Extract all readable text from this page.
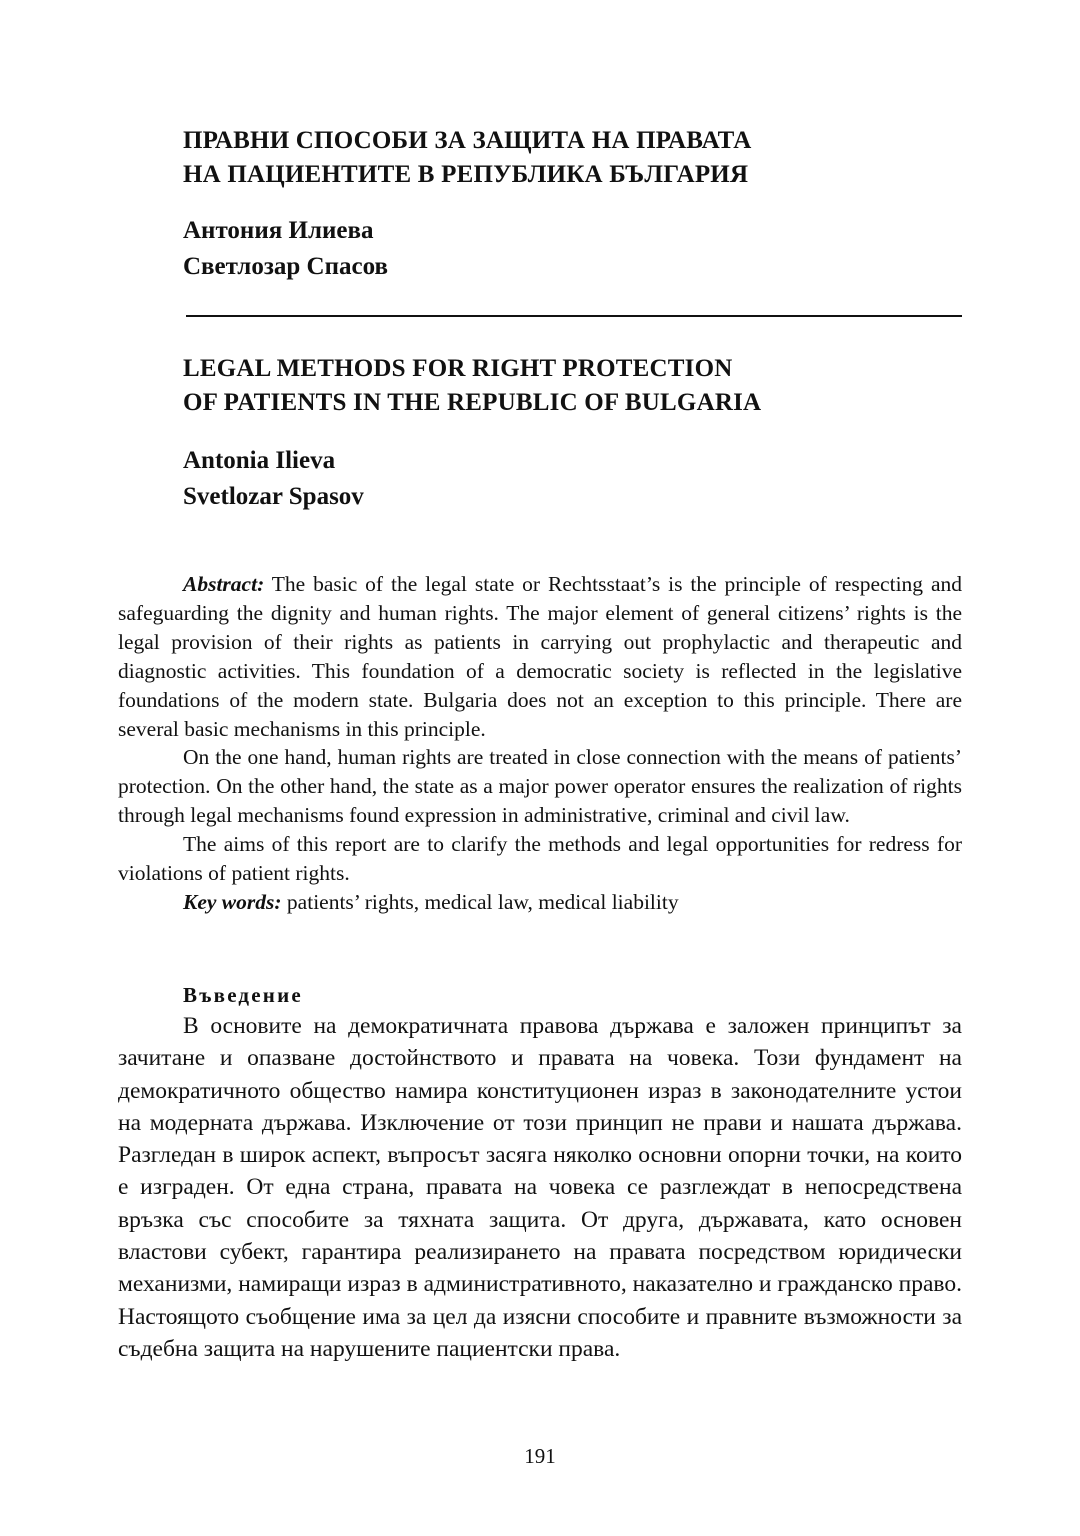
ПРАВНИ СПОСОБИ ЗА ЗАЩИТА НА ПРАВАТА
НА ПАЦИЕНТИТЕ В РЕПУБЛИКА БЪЛГАРИЯ
Антония Илиева
Светлозар Спасов
LEGAL METHODS FOR RIGHT PROTECTION
OF PATIENTS IN THE REPUBLIC OF BULGARIA
Antonia Ilieva
Svetlozar Spasov

Abstract: The basic of the legal state or Rechtsstaat’s is the principle of respecting and safeguarding the dignity and human rights. The major element of general citizens’ rights is the legal provision of their rights as patients in carrying out prophylactic and therapeutic and diagnostic activities. This foundation of a democratic society is reflected in the legislative foundations of the modern state. Bulgaria does not an exception to this principle. There are several basic mechanisms in this principle.

On the one hand, human rights are treated in close connection with the means of patients’ protection. On the other hand, the state as a major power operator ensures the realization of rights through legal mechanisms found expression in administrative, criminal and civil law.

The aims of this report are to clarify the methods and legal opportunities for redress for violations of patient rights.

Key words: patients’ rights, medical law, medical liability

Въведение

В основите на демократичната правова държава е заложен принципът за зачитане и опазване достойнството и правата на човека. Този фундамент на демократичното общество намира конституционен израз в законодателните устои на модерната държава. Изключение от този принцип не прави и нашата държава. Разгледан в широк аспект, въпросът засяга няколко основни опорни точки, на които е изграден. От една страна, правата на човека се разглеждат в непосредствена връзка със способите за тяхната защита. От друга, държавата, като основен властови субект, гарантира реализирането на правата посредством юридически механизми, намиращи израз в административното, наказателно и гражданско право. Настоящото съобщение има за цел да изясни способите и правните възможности за съдебна защита на нарушените пациентски права.

191
